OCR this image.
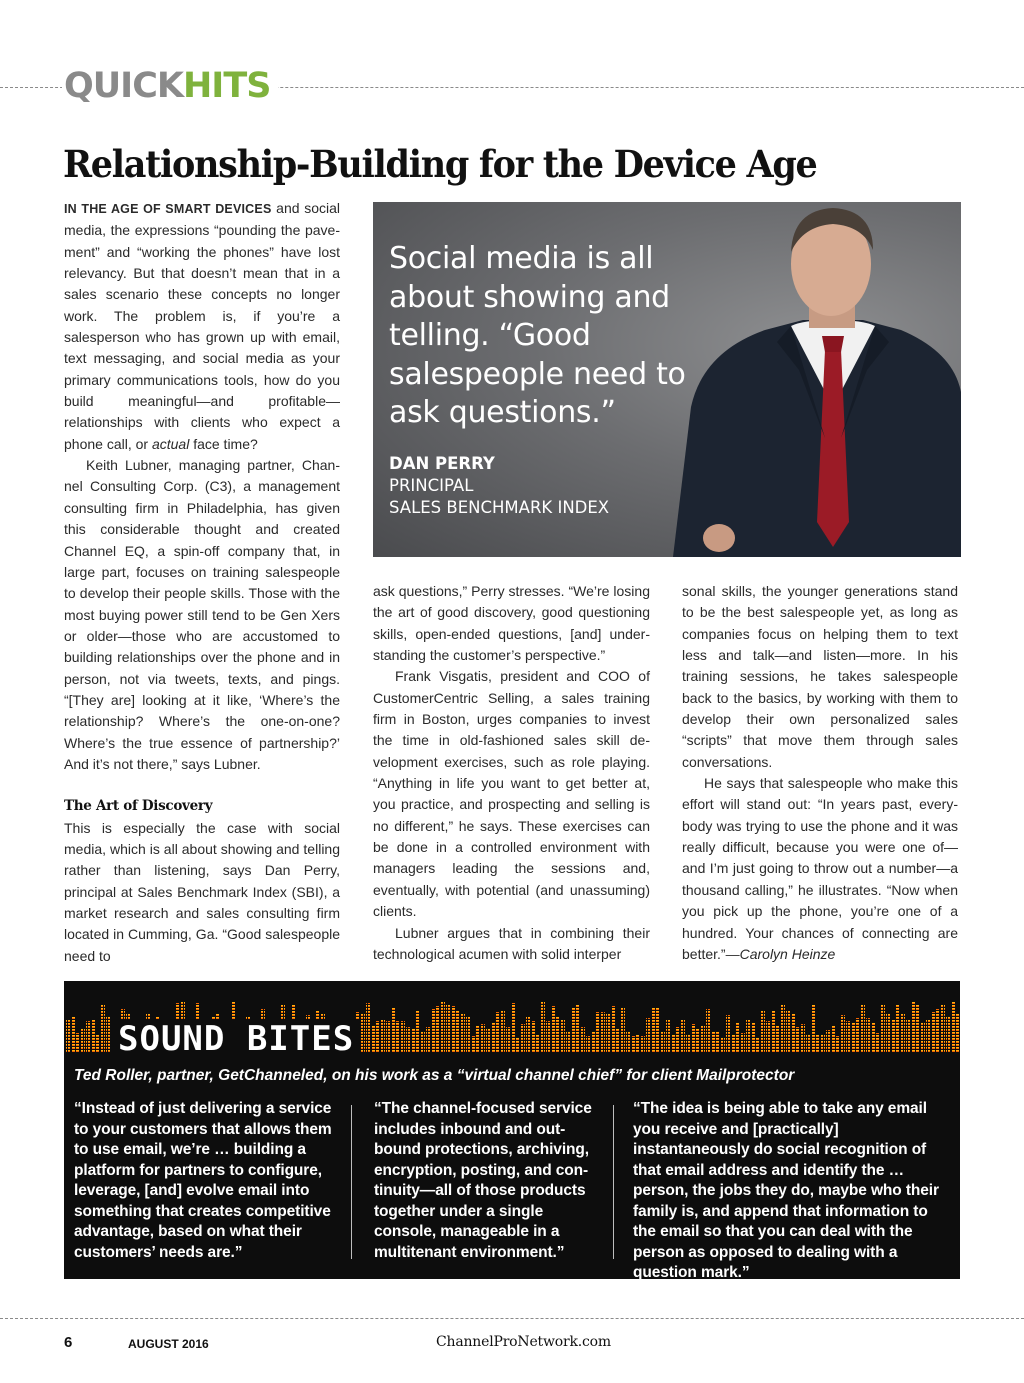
QUICKHITS
Relationship-Building for the Device Age

IN THE AGE OF SMART DEVICES and social media, the expressions “pounding the pavement” and “working the phones” have lost relevancy. But that doesn’t mean that in a sales scenario these concepts no longer work. The problem is, if you’re a salesperson who has grown up with email, text messaging, and social media as your primary communications tools, how do you build meaningful—and profitable—relationships with clients who expect a phone call, or actual face time?

Keith Lubner, managing partner, Channel Consulting Corp. (C3), a management consulting firm in Philadelphia, has given this considerable thought and created Channel EQ, a spin-off company that, in large part, focuses on training salespeople to develop their people skills. Those with the most buying power still tend to be Gen Xers or older—those who are accustomed to building relationships over the phone and in person, not via tweets, texts, and pings. “[They are] looking at it like, ‘Where’s the relationship? Where’s the one-on-one? Where’s the true essence of partnership?’ And it’s not there,” says Lubner.

The Art of Discovery

This is especially the case with social media, which is all about showing and telling rather than listening, says Dan Perry, principal at Sales Benchmark Index (SBI), a market research and sales consulting firm located in Cumming, Ga. “Good salespeople need to

Social media is all about showing and telling. “Good salespeople need to ask questions.”

DAN PERRY
PRINCIPAL
SALES BENCHMARK INDEX

ask questions,” Perry stresses. “We’re losing the art of good discovery, good questioning skills, open-ended questions, [and] understanding the customer’s perspective.”

Frank Visgatis, president and COO of CustomerCentric Selling, a sales training firm in Boston, urges companies to invest the time in old-fashioned sales skill development exercises, such as role playing. “Anything in life you want to get better at, you practice, and prospecting and selling is no different,” he says. These exercises can be done in a controlled environment with managers leading the sessions and, eventually, with potential (and unassuming) clients.

Lubner argues that in combining their technological acumen with solid interper

sonal skills, the younger generations stand to be the best salespeople yet, as long as companies focus on helping them to text less and talk—and listen—more. In his training sessions, he takes salespeople back to the basics, by working with them to develop their own personalized sales “scripts” that move them through sales conversations.

He says that salespeople who make this effort will stand out: “In years past, everybody was trying to use the phone and it was really difficult, because you were one of—and I’m just going to throw out a number—a thousand calling,” he illustrates. “Now when you pick up the phone, you’re one of a hundred. Your chances of connecting are better.”—Carolyn Heinze

SOUND BITES

Ted Roller, partner, GetChanneled, on his work as a “virtual channel chief” for client Mailprotector

“Instead of just delivering a service to your customers that allows them to use email, we’re … building a platform for partners to configure, leverage, [and] evolve email into something that creates competitive advantage, based on what their customers’ needs are.”

“The channel-focused service includes inbound and outbound protections, archiving, encryption, posting, and continuity—all of those products together under a single console, manageable in a multitenant environment.”

“The idea is being able to take any email you receive and [practically] instantaneously do social recognition of that email address and identify the … person, the jobs they do, maybe who their family is, and append that information to the email so that you can deal with the person as opposed to dealing with a question mark.”

6	AUGUST 2016	ChannelProNetwork.com
